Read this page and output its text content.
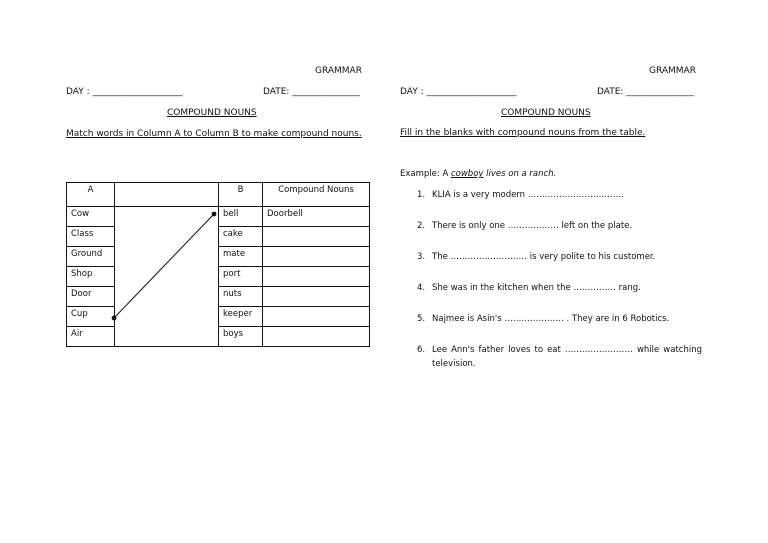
GRAMMAR
DAY : ____________________	DATE: _______________
COMPOUND NOUNS
Match words in Column A to Column B to make compound nouns.
A		B	Compound Nouns
Cow		bell	Doorbell
Class		cake	
Ground		mate	
Shop		port	
Door		nuts	
Cup		keeper	
Air		boys	
GRAMMAR
DAY : ____________________	DATE: _______________
COMPOUND NOUNS
Fill in the blanks with compound nouns from the table.
Example: A cowboy lives on a ranch.
1. KLIA is a very modern …………………………….
2. There is only one ……………… left on the plate.
3. The ……………………… is very polite to his customer.
4. She was in the kitchen when the …………… rang.
5. Najmee is Asin's ………………… . They are in 6 Robotics.
6. Lee Ann's father loves to eat …………………… while watching television.
